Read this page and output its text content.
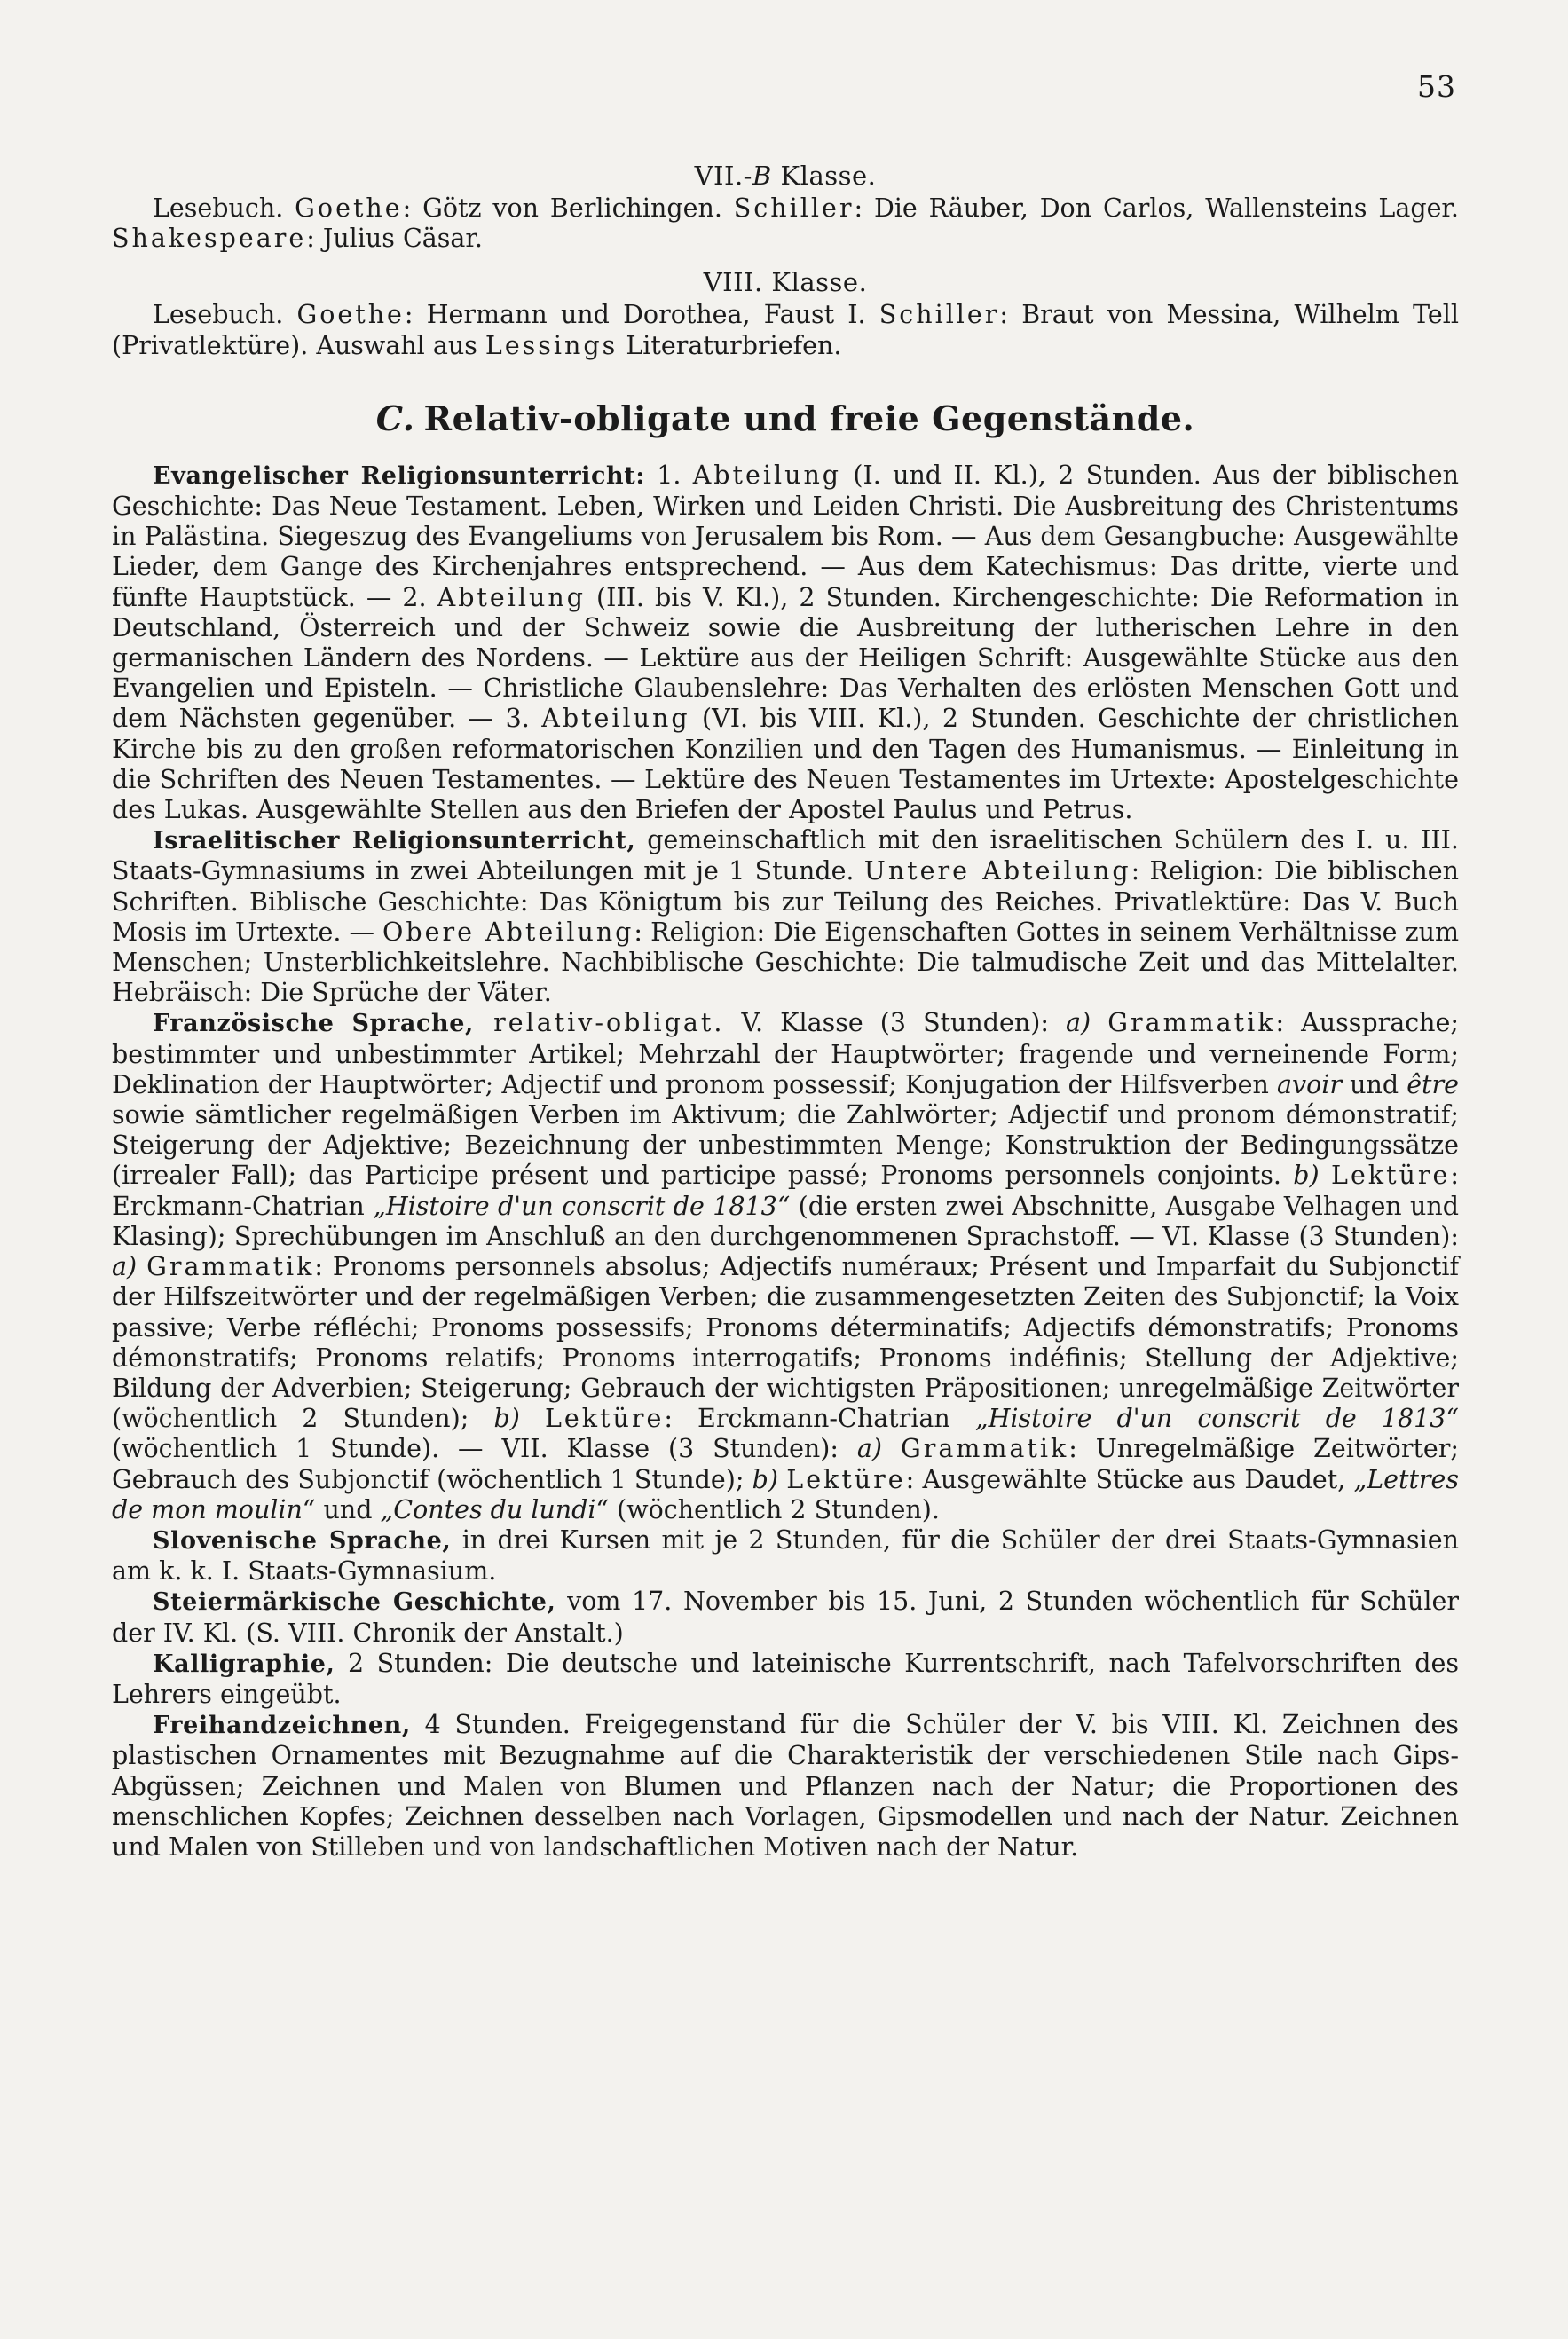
53
VII.-B Klasse.

Lesebuch. Goethe: Götz von Berlichingen. Schiller: Die Räuber, Don Carlos, Wallensteins Lager. Shakespeare: Julius Cäsar.

VIII. Klasse.

Lesebuch. Goethe: Hermann und Dorothea, Faust I. Schiller: Braut von Messina, Wilhelm Tell (Privatlektüre). Auswahl aus Lessings Literaturbriefen.

C. Relativ-obligate und freie Gegenstände.

Evangelischer Religionsunterricht: 1. Abteilung (I. und II. Kl.), 2 Stunden. Aus der biblischen Geschichte: Das Neue Testament. Leben, Wirken und Leiden Christi. Die Ausbreitung des Christentums in Palästina. Siegeszug des Evangeliums von Jerusalem bis Rom. — Aus dem Gesangbuche: Ausgewählte Lieder, dem Gange des Kirchenjahres entsprechend. — Aus dem Katechismus: Das dritte, vierte und fünfte Hauptstück. — 2. Abteilung (III. bis V. Kl.), 2 Stunden. Kirchengeschichte: Die Reformation in Deutschland, Österreich und der Schweiz sowie die Ausbreitung der lutherischen Lehre in den germanischen Ländern des Nordens. — Lektüre aus der Heiligen Schrift: Ausgewählte Stücke aus den Evangelien und Episteln. — Christliche Glaubenslehre: Das Verhalten des erlösten Menschen Gott und dem Nächsten gegenüber. — 3. Abteilung (VI. bis VIII. Kl.), 2 Stunden. Geschichte der christlichen Kirche bis zu den großen reformatorischen Konzilien und den Tagen des Humanismus. — Einleitung in die Schriften des Neuen Testamentes. — Lektüre des Neuen Testamentes im Urtexte: Apostelgeschichte des Lukas. Ausgewählte Stellen aus den Briefen der Apostel Paulus und Petrus.

Israelitischer Religionsunterricht, gemeinschaftlich mit den israelitischen Schülern des I. u. III. Staats-Gymnasiums in zwei Abteilungen mit je 1 Stunde. Untere Abteilung: Religion: Die biblischen Schriften. Biblische Geschichte: Das Königtum bis zur Teilung des Reiches. Privatlektüre: Das V. Buch Mosis im Urtexte. — Obere Abteilung: Religion: Die Eigenschaften Gottes in seinem Verhältnisse zum Menschen; Unsterblichkeitslehre. Nachbiblische Geschichte: Die talmudische Zeit und das Mittelalter. Hebräisch: Die Sprüche der Väter.

Französische Sprache, relativ-obligat. V. Klasse (3 Stunden): a) Grammatik: Aussprache; bestimmter und unbestimmter Artikel; Mehrzahl der Hauptwörter; fragende und verneinende Form; Deklination der Hauptwörter; Adjectif und pronom possessif; Konjugation der Hilfsverben avoir und être sowie sämtlicher regelmäßigen Verben im Aktivum; die Zahlwörter; Adjectif und pronom démonstratif; Steigerung der Adjektive; Bezeichnung der unbestimmten Menge; Konstruktion der Bedingungssätze (irrealer Fall); das Participe présent und participe passé; Pronoms personnels conjoints. b) Lektüre: Erckmann-Chatrian „Histoire d'un conscrit de 1813“ (die ersten zwei Abschnitte, Ausgabe Velhagen und Klasing); Sprechübungen im Anschluß an den durchgenommenen Sprachstoff. — VI. Klasse (3 Stunden): a) Grammatik: Pronoms personnels absolus; Adjectifs numéraux; Présent und Imparfait du Subjonctif der Hilfszeitwörter und der regelmäßigen Verben; die zusammengesetzten Zeiten des Subjonctif; la Voix passive; Verbe réfléchi; Pronoms possessifs; Pronoms déterminatifs; Adjectifs démonstratifs; Pronoms démonstratifs; Pronoms relatifs; Pronoms interrogatifs; Pronoms indéfinis; Stellung der Adjektive; Bildung der Adverbien; Steigerung; Gebrauch der wichtigsten Präpositionen; unregelmäßige Zeitwörter (wöchentlich 2 Stunden); b) Lektüre: Erckmann-Chatrian „Histoire d'un conscrit de 1813“ (wöchentlich 1 Stunde). — VII. Klasse (3 Stunden): a) Grammatik: Unregelmäßige Zeitwörter; Gebrauch des Subjonctif (wöchentlich 1 Stunde); b) Lektüre: Ausgewählte Stücke aus Daudet, „Lettres de mon moulin“ und „Contes du lundi“ (wöchentlich 2 Stunden).

Slovenische Sprache, in drei Kursen mit je 2 Stunden, für die Schüler der drei Staats-Gymnasien am k. k. I. Staats-Gymnasium.

Steiermärkische Geschichte, vom 17. November bis 15. Juni, 2 Stunden wöchentlich für Schüler der IV. Kl. (S. VIII. Chronik der Anstalt.)

Kalligraphie, 2 Stunden: Die deutsche und lateinische Kurrentschrift, nach Tafelvorschriften des Lehrers eingeübt.

Freihandzeichnen, 4 Stunden. Freigegenstand für die Schüler der V. bis VIII. Kl. Zeichnen des plastischen Ornamentes mit Bezugnahme auf die Charakteristik der verschiedenen Stile nach Gips-Abgüssen; Zeichnen und Malen von Blumen und Pflanzen nach der Natur; die Proportionen des menschlichen Kopfes; Zeichnen desselben nach Vorlagen, Gipsmodellen und nach der Natur. Zeichnen und Malen von Stilleben und von landschaftlichen Motiven nach der Natur.
